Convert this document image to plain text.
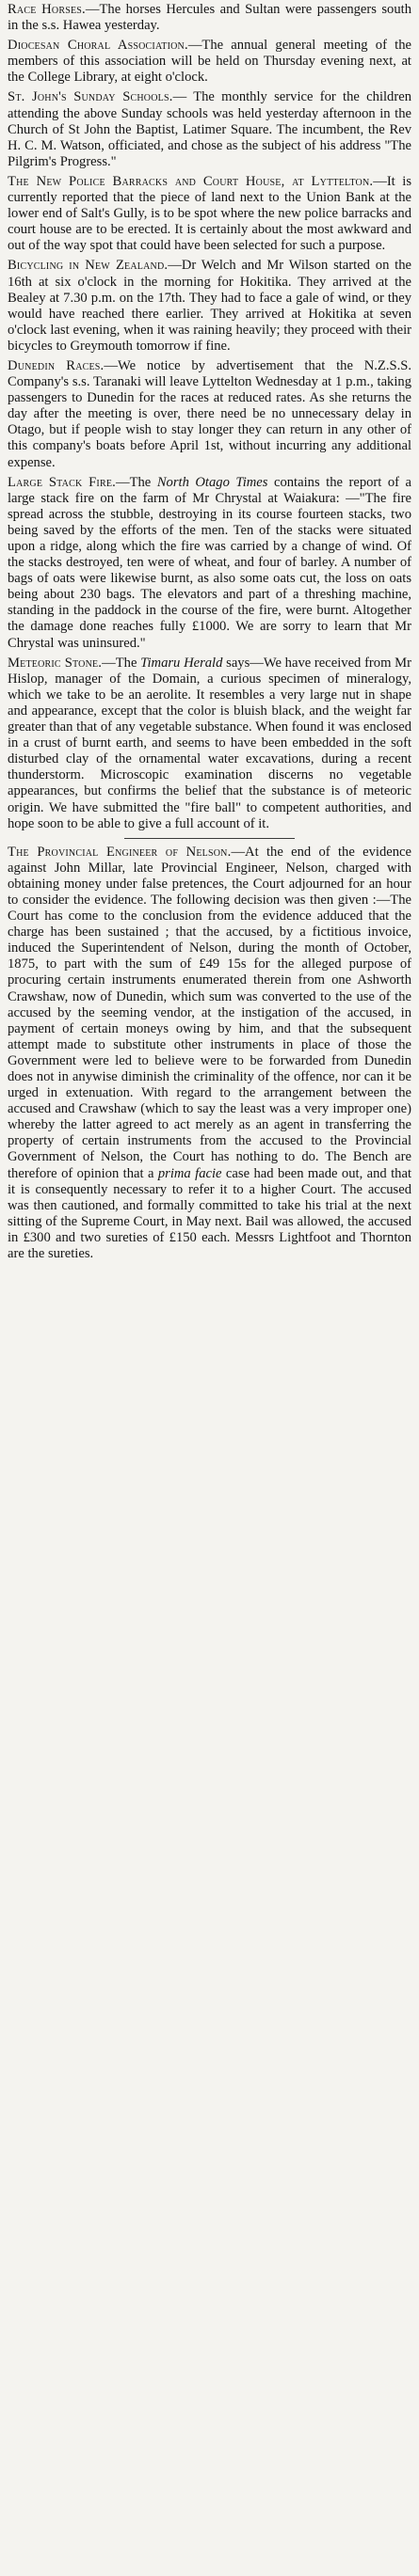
Race Horses.—The horses Hercules and Sultan were passengers south in the s.s. Hawea yesterday.
Diocesan Choral Association.—The annual general meeting of the members of this association will be held on Thursday evening next, at the College Library, at eight o'clock.
St. John's Sunday Schools.— The monthly service for the children attending the above Sunday schools was held yesterday afternoon in the Church of St John the Baptist, Latimer Square. The incumbent, the Rev H. C. M. Watson, officiated, and chose as the subject of his address "The Pilgrim's Progress."
The New Police Barracks and Court House, at Lyttelton.—It is currently reported that the piece of land next to the Union Bank at the lower end of Salt's Gully, is to be spot where the new police barracks and court house are to be erected. It is certainly about the most awkward and out of the way spot that could have been selected for such a purpose.
Bicycling in New Zealand.—Dr Welch and Mr Wilson started on the 16th at six o'clock in the morning for Hokitika. They arrived at the Bealey at 7.30 p.m. on the 17th. They had to face a gale of wind, or they would have reached there earlier. They arrived at Hokitika at seven o'clock last evening, when it was raining heavily; they proceed with their bicycles to Greymouth tomorrow if fine.
Dunedin Races.—We notice by advertisement that the N.Z.S.S. Company's s.s. Taranaki will leave Lyttelton Wednesday at 1 p.m., taking passengers to Dunedin for the races at reduced rates. As she returns the day after the meeting is over, there need be no unnecessary delay in Otago, but if people wish to stay longer they can return in any other of this company's boats before April 1st, without incurring any additional expense.
Large Stack Fire.—The North Otago Times contains the report of a large stack fire on the farm of Mr Chrystal at Waiakura: —"The fire spread across the stubble, destroying in its course fourteen stacks, two being saved by the efforts of the men. Ten of the stacks were situated upon a ridge, along which the fire was carried by a change of wind. Of the stacks destroyed, ten were of wheat, and four of barley. A number of bags of oats were likewise burnt, as also some oats cut, the loss on oats being about 230 bags. The elevators and part of a threshing machine, standing in the paddock in the course of the fire, were burnt. Altogether the damage done reaches fully £1000. We are sorry to learn that Mr Chrystal was uninsured."
Meteoric Stone.—The Timaru Herald says—We have received from Mr Hislop, manager of the Domain, a curious specimen of mineralogy, which we take to be an aerolite. It resembles a very large nut in shape and appearance, except that the color is bluish black, and the weight far greater than that of any vegetable substance. When found it was enclosed in a crust of burnt earth, and seems to have been embedded in the soft disturbed clay of the ornamental water excavations, during a recent thunderstorm. Microscopic examination discerns no vegetable appearances, but confirms the belief that the substance is of meteoric origin. We have submitted the "fire ball" to competent authorities, and hope soon to be able to give a full account of it.
The Provincial Engineer of Nelson.—At the end of the evidence against John Millar, late Provincial Engineer, Nelson, charged with obtaining money under false pretences, the Court adjourned for an hour to consider the evidence. The following decision was then given :—The Court has come to the conclusion from the evidence adduced that the charge has been sustained ; that the accused, by a fictitious invoice, induced the Superintendent of Nelson, during the month of October, 1875, to part with the sum of £49 15s for the alleged purpose of procuring certain instruments enumerated therein from one Ashworth Crawshaw, now of Dunedin, which sum was converted to the use of the accused by the seeming vendor, at the instigation of the accused, in payment of certain moneys owing by him, and that the subsequent attempt made to substitute other instruments in place of those the Government were led to believe were to be forwarded from Dunedin does not in anywise diminish the criminality of the offence, nor can it be urged in extenuation. With regard to the arrangement between the accused and Crawshaw (which to say the least was a very improper one) whereby the latter agreed to act merely as an agent in transferring the property of certain instruments from the accused to the Provincial Government of Nelson, the Court has nothing to do. The Bench are therefore of opinion that a prima facie case had been made out, and that it is consequently necessary to refer it to a higher Court. The accused was then cautioned, and formally committed to take his trial at the next sitting of the Supreme Court, in May next. Bail was allowed, the accused in £300 and two sureties of £150 each. Messrs Lightfoot and Thornton are the sureties.
